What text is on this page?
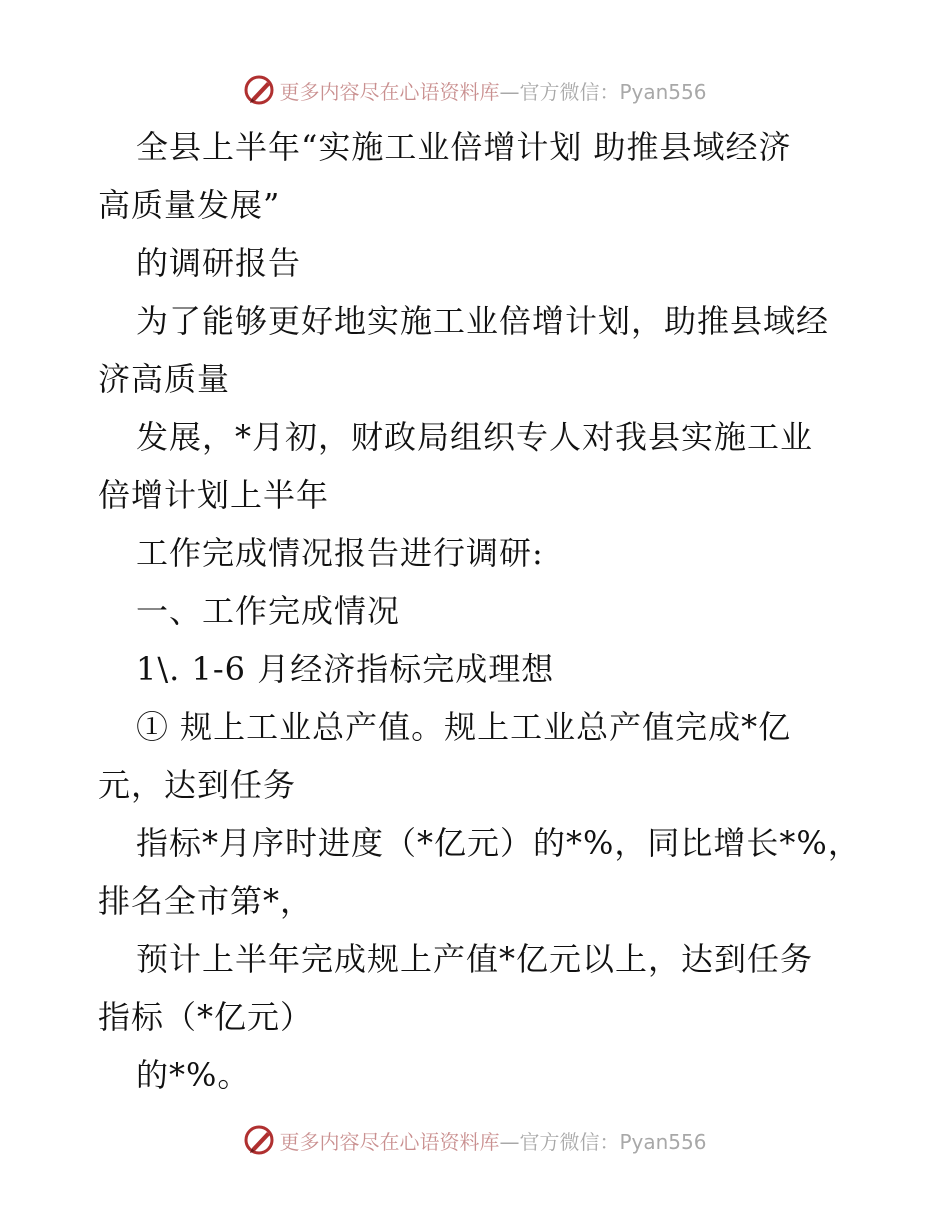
更多内容尽在心语资料库 —官方微信：Pyan556
全县上半年“实施工业倍增计划 助推县域经济
高质量发展”
的调研报告
为了能够更好地实施工业倍增计划，助推县域经
济高质量
发展，*月初，财政局组织专人对我县实施工业
倍增计划上半年
工作完成情况报告进行调研:
一、工作完成情况
1\. 1-6 月经济指标完成理想
① 规上工业总产值。规上工业总产值完成*亿
元，达到任务
指标*月序时进度（*亿元）的*%，同比增长*%，
排名全市第*，
预计上半年完成规上产值*亿元以上，达到任务
指标（*亿元）
的*%。
更多内容尽在心语资料库 —官方微信：Pyan556
